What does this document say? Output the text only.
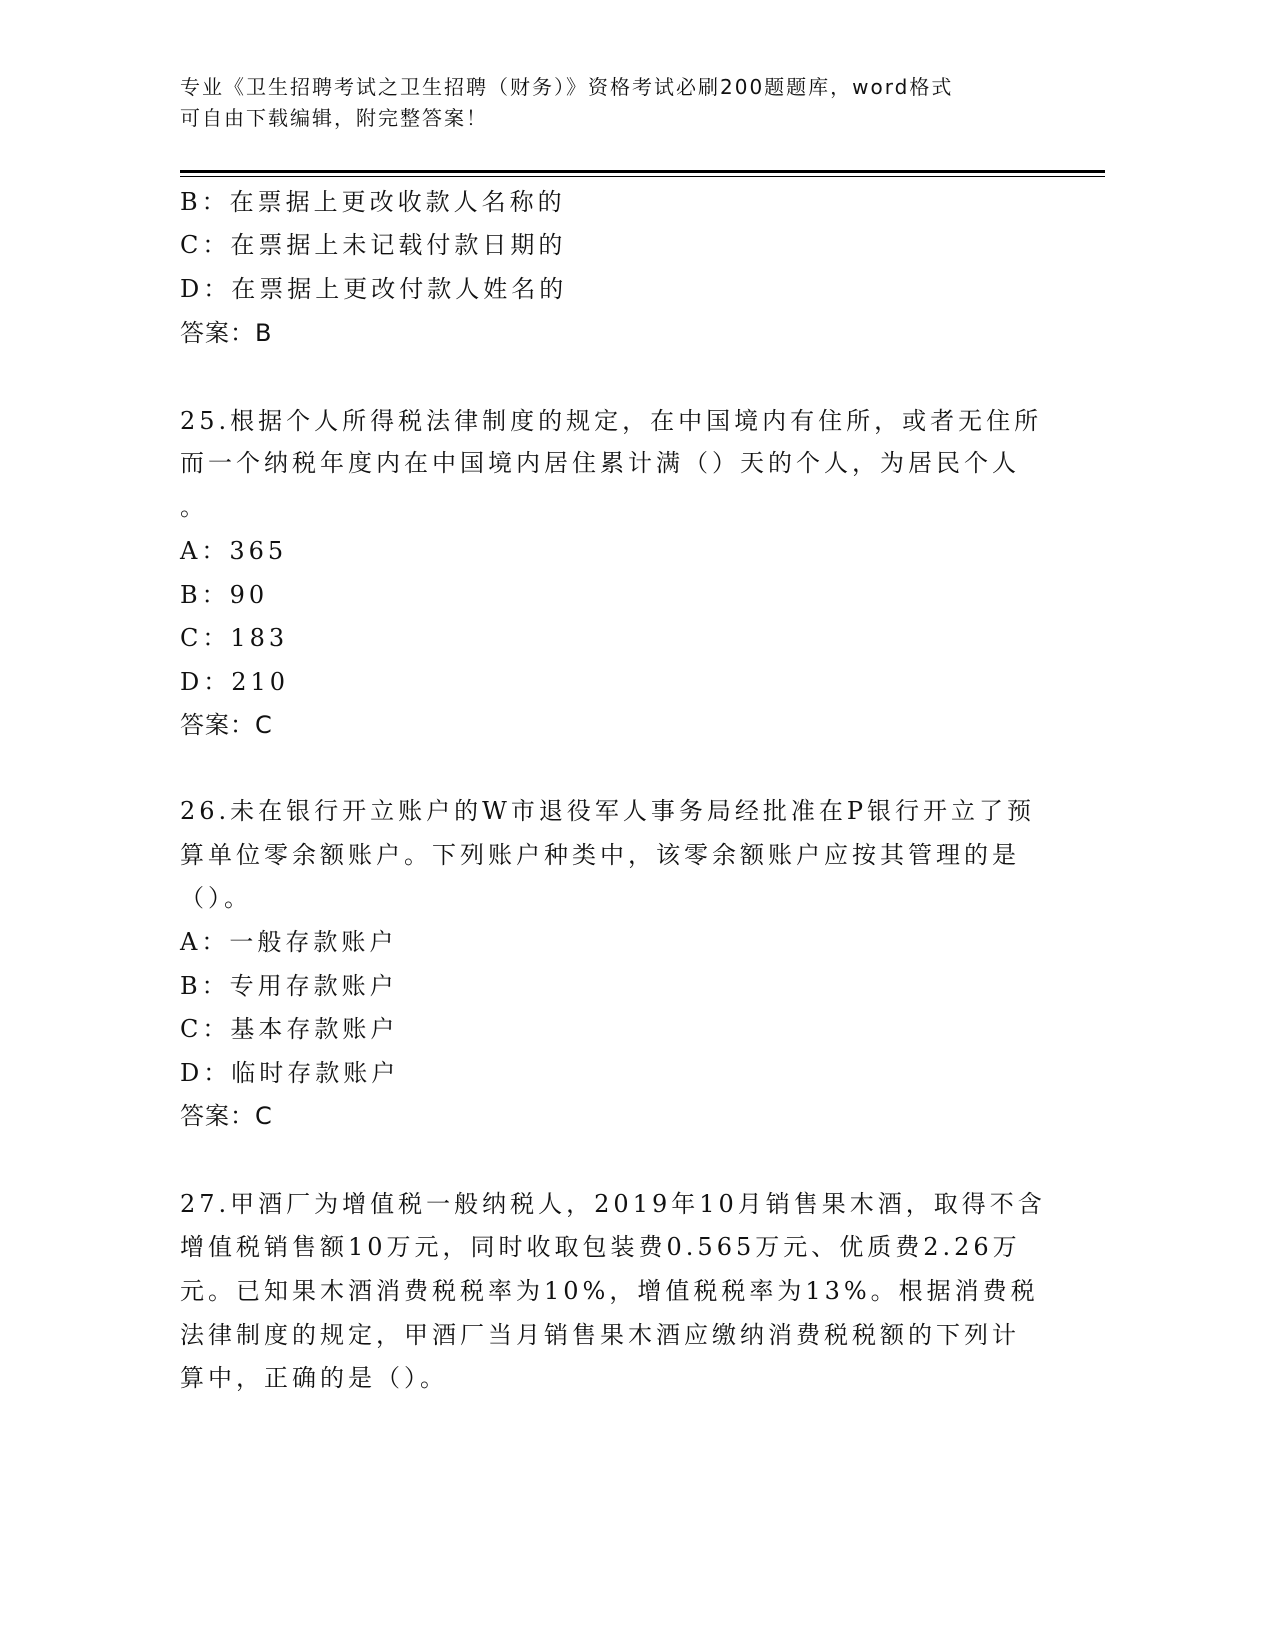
专业《卫生招聘考试之卫生招聘（财务）》资格考试必刷200题题库，word格式
可自由下载编辑，附完整答案！
B：在票据上更改收款人名称的
C：在票据上未记载付款日期的
D：在票据上更改付款人姓名的
答案：B
25.根据个人所得税法律制度的规定，在中国境内有住所，或者无住所
而一个纳税年度内在中国境内居住累计满（）天的个人，为居民个人
。
A：365
B：90
C：183
D：210
答案：C
26.未在银行开立账户的W市退役军人事务局经批准在P银行开立了预
算单位零余额账户。下列账户种类中，该零余额账户应按其管理的是
（）。
A：一般存款账户
B：专用存款账户
C：基本存款账户
D：临时存款账户
答案：C
27.甲酒厂为增值税一般纳税人，2019年10月销售果木酒，取得不含
增值税销售额10万元，同时收取包装费0.565万元、优质费2.26万
元。已知果木酒消费税税率为10%，增值税税率为13%。根据消费税
法律制度的规定，甲酒厂当月销售果木酒应缴纳消费税税额的下列计
算中，正确的是（）。
